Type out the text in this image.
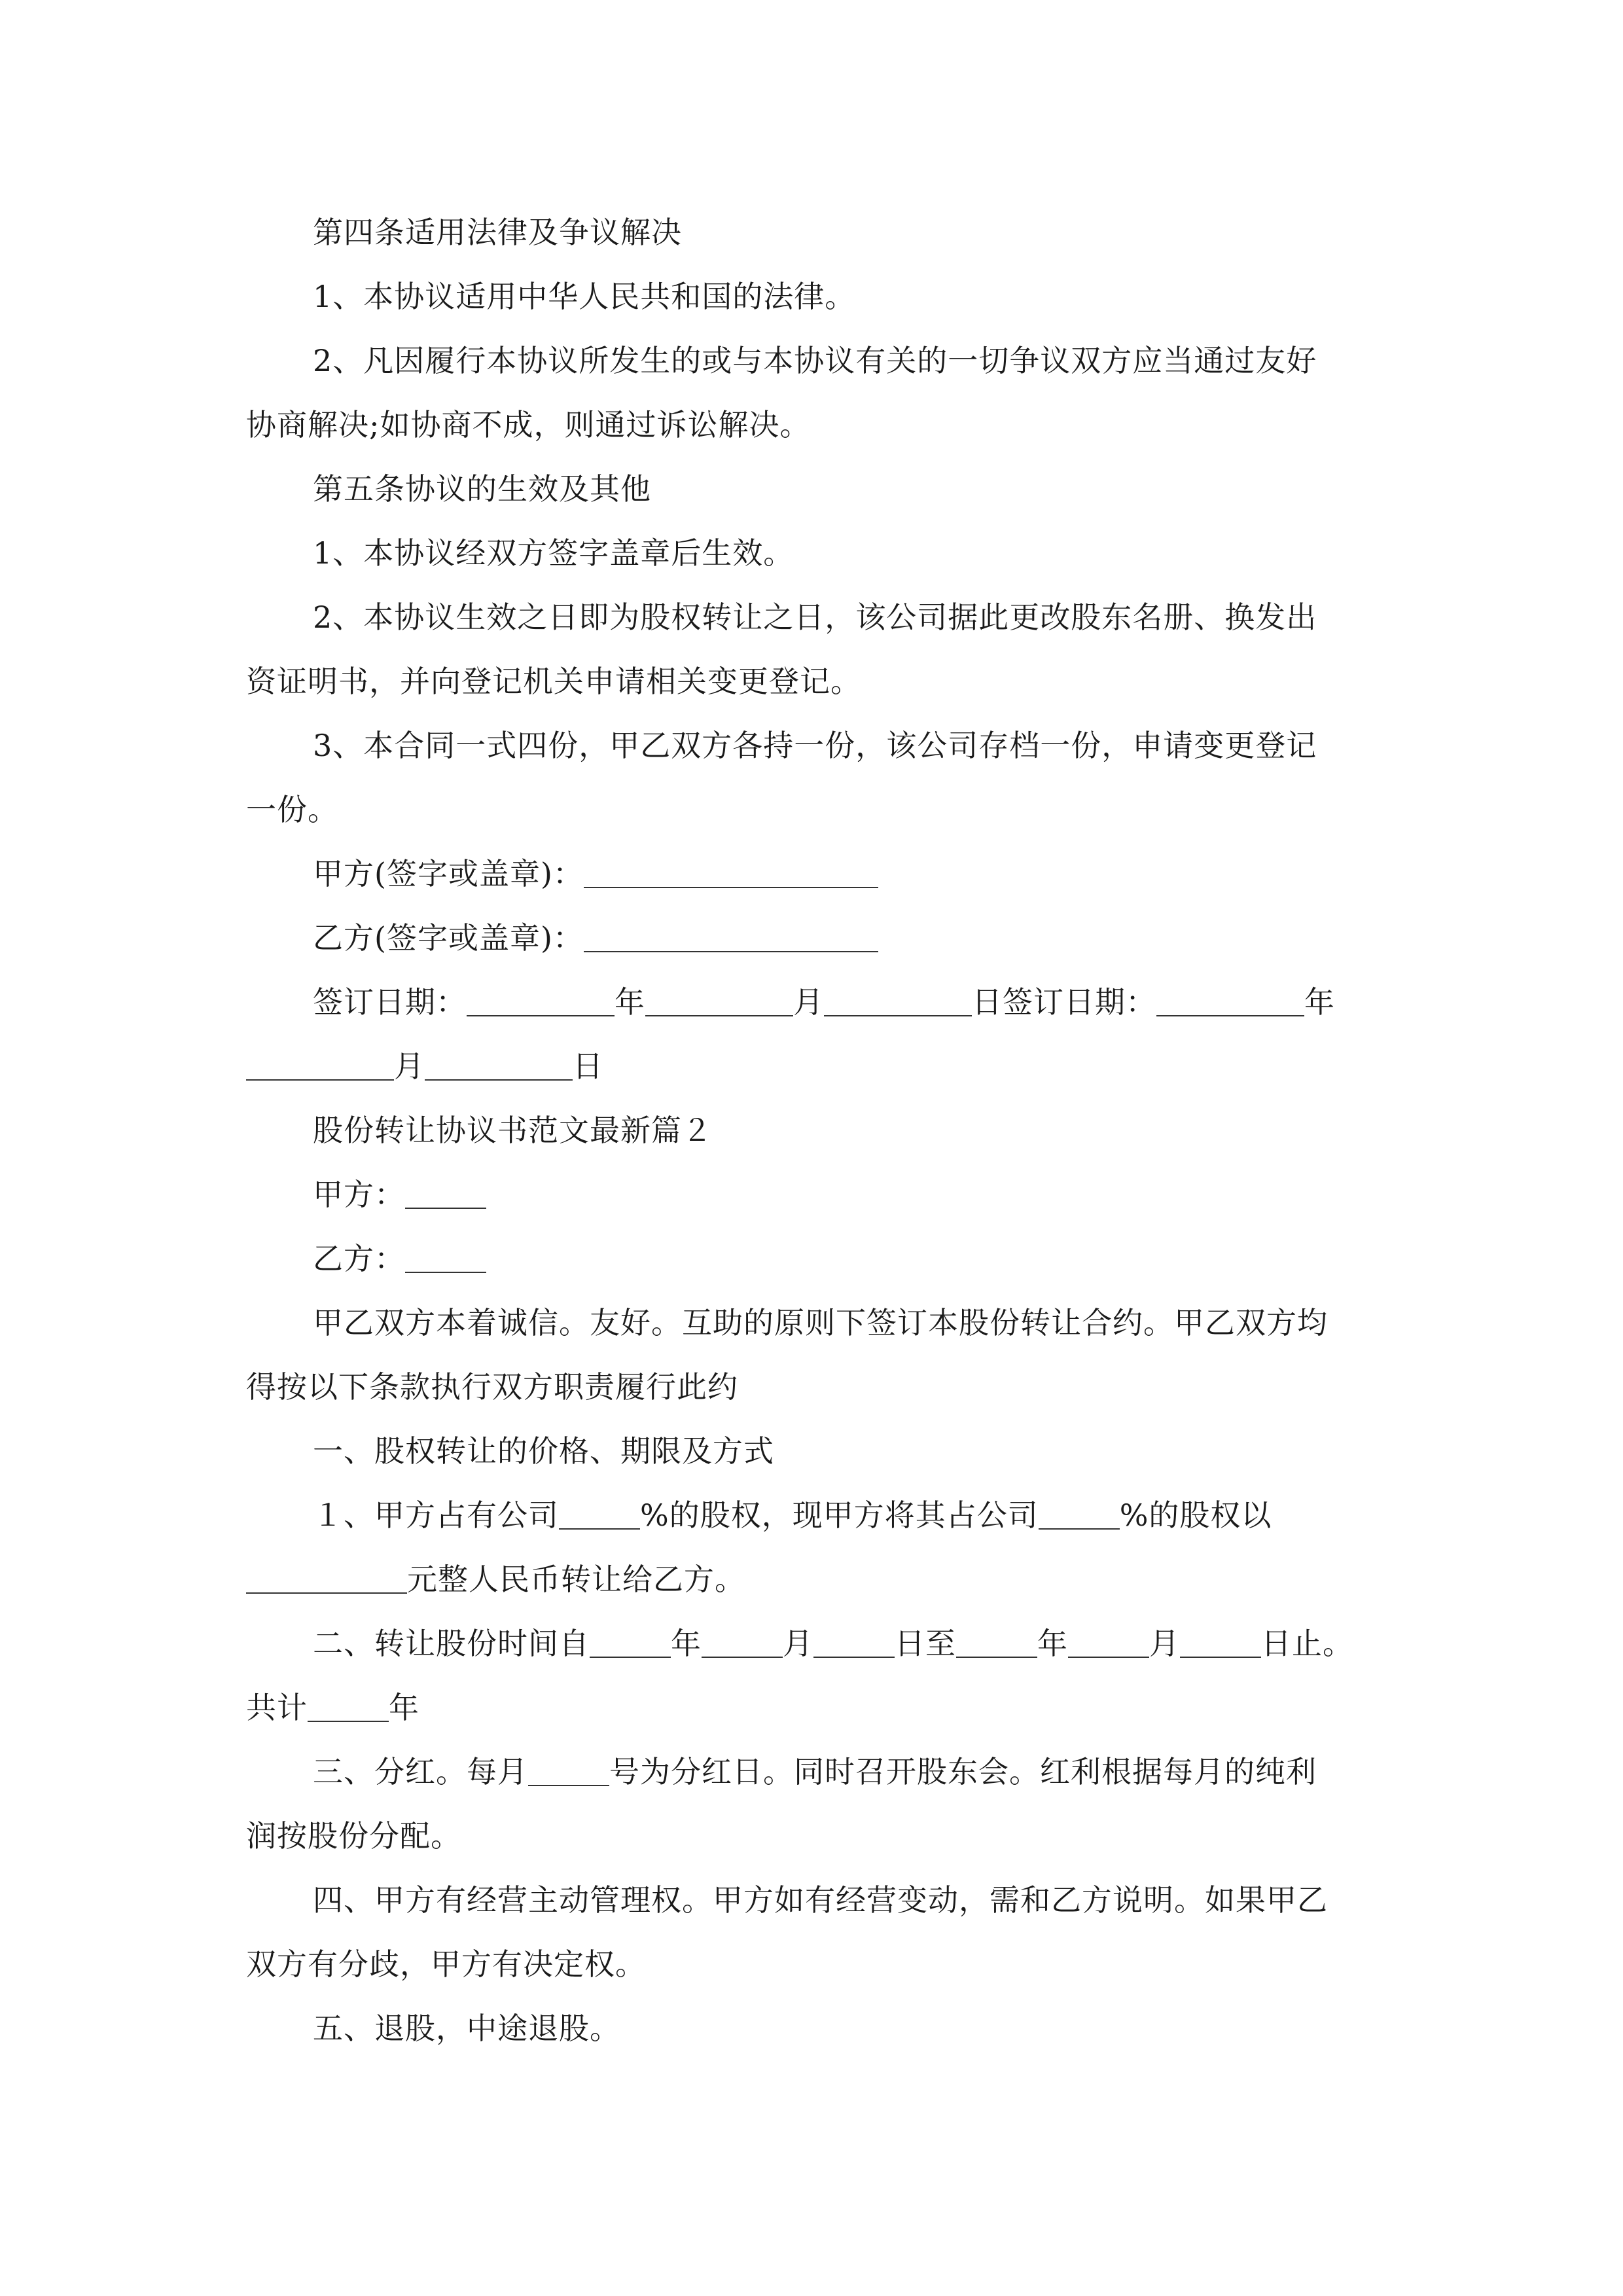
第四条适用法律及争议解决
1、本协议适用中华人民共和国的法律。
2、凡因履行本协议所发生的或与本协议有关的一切争议双方应当通过友好
协商解决;如协商不成，则通过诉讼解决。
第五条协议的生效及其他
1、本协议经双方签字盖章后生效。
2、本协议生效之日即为股权转让之日，该公司据此更改股东名册、换发出
资证明书，并向登记机关申请相关变更登记。
3、本合同一式四份，甲乙双方各持一份，该公司存档一份，申请变更登记
一份。
甲方(签字或盖章)：
乙方(签字或盖章)：
签订日期：	年	月	日签订日期：	年
月	日
股份转让协议书范文最新篇２
甲方：
乙方：
甲乙双方本着诚信。友好。互助的原则下签订本股份转让合约。甲乙双方均
得按以下条款执行双方职责履行此约
一、股权转让的价格、期限及方式
１、甲方占有公司	%的股权，现甲方将其占公司	%的股权以
元整人民币转让给乙方。
二、转让股份时间自	年	月	日至	年	月	日止。
共计	年
三、分红。每月	号为分红日。同时召开股东会。红利根据每月的纯利
润按股份分配。
四、甲方有经营主动管理权。甲方如有经营变动，需和乙方说明。如果甲乙
双方有分歧，甲方有决定权。
五、退股，中途退股。
